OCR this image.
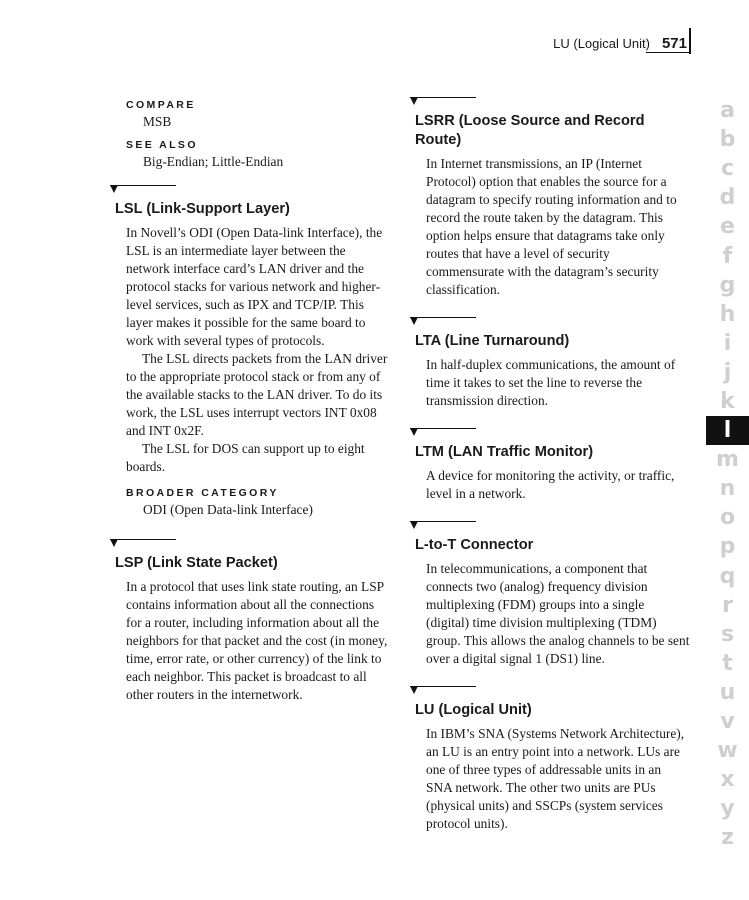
LU (Logical Unit) 571
COMPARE
MSB
SEE ALSO
Big-Endian; Little-Endian
LSL (Link-Support Layer)

In Novell’s ODI (Open Data-link Interface), the LSL is an intermediate layer between the network interface card’s LAN driver and the protocol stacks for various network and higher-level services, such as IPX and TCP/IP. This layer makes it possible for the same board to work with several types of protocols.

The LSL directs packets from the LAN driver to the appropriate protocol stack or from any of the available stacks to the LAN driver. To do its work, the LSL uses interrupt vectors INT 0x08 and INT 0x2F.

The LSL for DOS can support up to eight boards.

BROADER CATEGORY
ODI (Open Data-link Interface)
LSP (Link State Packet)

In a protocol that uses link state routing, an LSP contains information about all the connections for a router, including information about all the neighbors for that packet and the cost (in money, time, error rate, or other currency) of the link to each neighbor. This packet is broadcast to all other routers in the internetwork.

LSRR (Loose Source and Record Route)

In Internet transmissions, an IP (Internet Protocol) option that enables the source for a datagram to specify routing information and to record the route taken by the datagram. This option helps ensure that datagrams take only routes that have a level of security commensurate with the datagram’s security classification.

LTA (Line Turnaround)

In half-duplex communications, the amount of time it takes to set the line to reverse the transmission direction.

LTM (LAN Traffic Monitor)

A device for monitoring the activity, or traffic, level in a network.

L-to-T Connector

In telecommunications, a component that connects two (analog) frequency division multiplexing (FDM) groups into a single (digital) time division multiplexing (TDM) group. This allows the analog channels to be sent over a digital signal 1 (DS1) line.

LU (Logical Unit)

In IBM’s SNA (Systems Network Architecture), an LU is an entry point into a network. LUs are one of three types of addressable units in an SNA network. The other two units are PUs (physical units) and SSCPs (system services protocol units).

a
b
c
d
e
f
g
h
i
j
k
l
m
n
o
p
q
r
s
t
u
v
w
x
y
z
